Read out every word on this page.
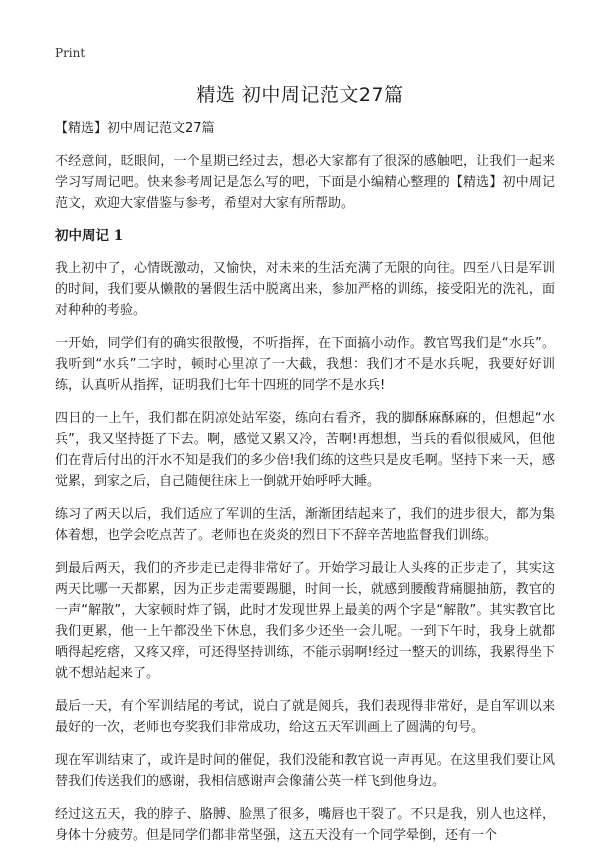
Print
精选 初中周记范文27篇
【精选】初中周记范文27篇

不经意间，眨眼间，一个星期已经过去，想必大家都有了很深的感触吧，让我们一起来学习写周记吧。快来参考周记是怎么写的吧，下面是小编精心整理的【精选】初中周记范文，欢迎大家借鉴与参考，希望对大家有所帮助。

初中周记 1

我上初中了，心情既激动，又愉快，对未来的生活充满了无限的向往。四至八日是军训的时间，我们要从懒散的暑假生活中脱离出来，参加严格的训练，接受阳光的洗礼，面对种种的考验。

一开始，同学们有的确实很散慢，不听指挥，在下面搞小动作。教官骂我们是“水兵”。我听到“水兵”二字时，顿时心里凉了一大截，我想：我们才不是水兵呢，我要好好训练，认真听从指挥，证明我们七年十四班的同学不是水兵!

四日的一上午，我们都在阴凉处站军姿，练向右看齐，我的脚酥麻酥麻的，但想起“水兵”，我又坚持挺了下去。啊，感觉又累又冷，苦啊!再想想，当兵的看似很威风，但他们在背后付出的汗水不知是我们的多少倍!我们练的这些只是皮毛啊。坚持下来一天，感觉累，到家之后，自己随便往床上一倒就开始呼呼大睡。

练习了两天以后，我们适应了军训的生活，渐渐团结起来了，我们的进步很大，都为集体着想，也学会吃点苦了。老师也在炎炎的烈日下不辞辛苦地监督我们训练。

到最后两天，我们的齐步走已走得非常好了。开始学习最让人头疼的正步走了，其实这两天比哪一天都累，因为正步走需要踢腿，时间一长，就感到腰酸背痛腿抽筋，教官的一声“解散”，大家顿时炸了锅，此时才发现世界上最美的两个字是“解散”。其实教官比我们更累，他一上午都没坐下休息，我们多少还坐一会儿呢。一到下午时，我身上就都晒得起疙瘩，又疼又痒，可还得坚持训练，不能示弱啊!经过一整天的训练，我累得坐下就不想站起来了。

最后一天，有个军训结尾的考试，说白了就是阅兵，我们表现得非常好，是自军训以来最好的一次，老师也夸奖我们非常成功，给这五天军训画上了圆满的句号。

现在军训结束了，或许是时间的催促，我们没能和教官说一声再见。在这里我们要让风替我们传送我们的感谢，我相信感谢声会像蒲公英一样飞到他身边。

经过这五天，我的脖子、胳膊、脸黑了很多，嘴唇也干裂了。不只是我，别人也这样，身体十分疲劳。但是同学们都非常坚强，这五天没有一个同学晕倒，还有一个
